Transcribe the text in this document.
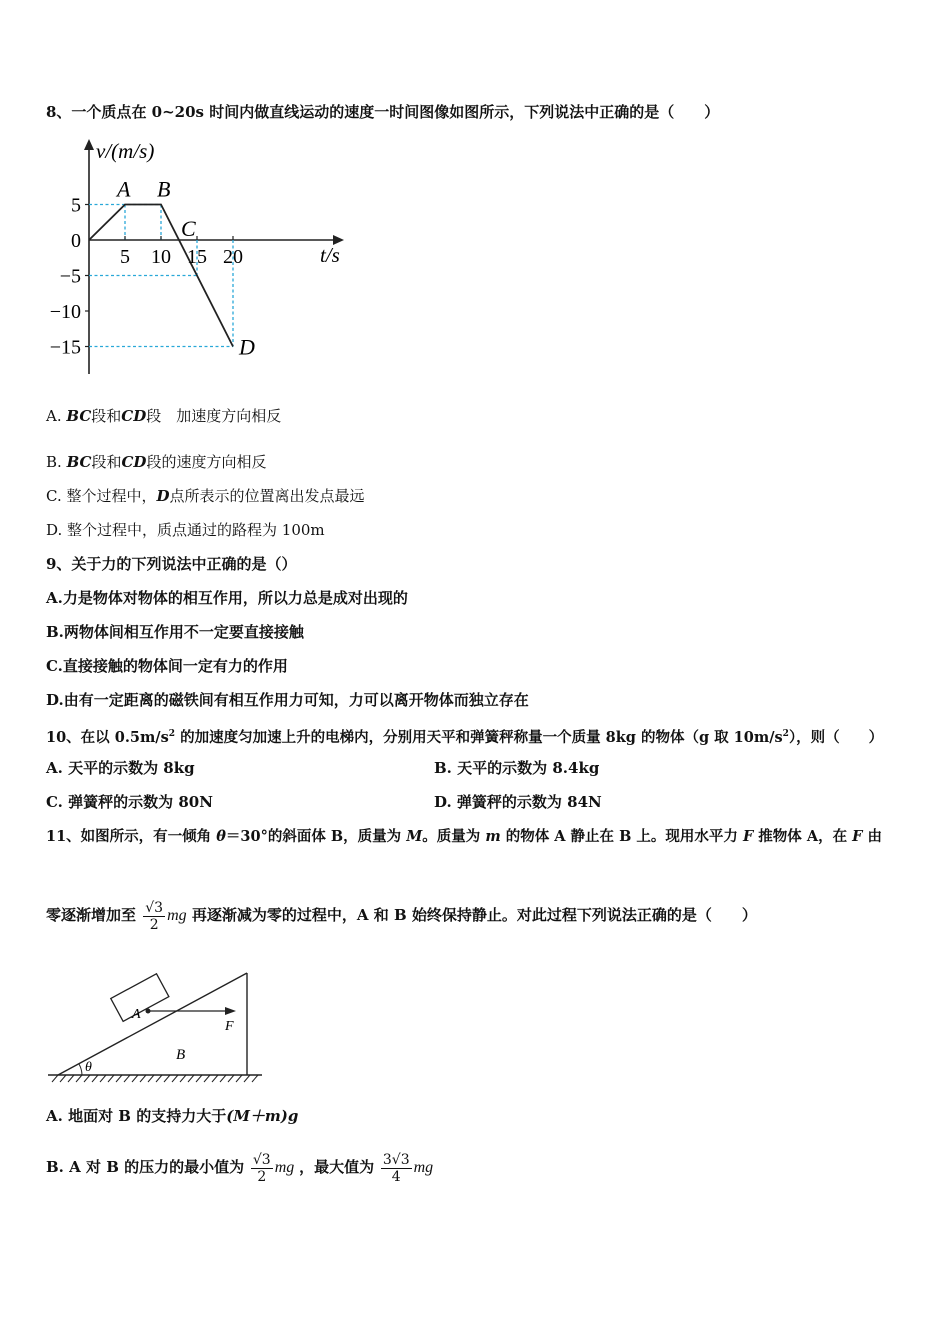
8、一个质点在 0~20s 时间内做直线运动的速度一时间图像如图所示，下列说法中正确的是（　　）
v/(m/s)
t/s
5
0
−5
−10
−15
5 10 15 20
A B
C
D
A. BC段和CD段　加速度方向相反
B. BC段和CD段的速度方向相反
C. 整个过程中，D点所表示的位置离出发点最远
D. 整个过程中，质点通过的路程为 100m
9、关于力的下列说法中正确的是（）
A.力是物体对物体的相互作用，所以力总是成对出现的
B.两物体间相互作用不一定要直接接触
C.直接接触的物体间一定有力的作用
D.由有一定距离的磁铁间有相互作用力可知，力可以离开物体而独立存在
10、在以 $0.5m/s^2$ 的加速度匀加速上升的电梯内，分别用天平和弹簧秤称量一个质量 8kg 的物体（g 取 $10m/s^2$），则（　　）
A. 天平的示数为 8kg	B. 天平的示数为 8.4kg
C. 弹簧秤的示数为 80N	D. 弹簧秤的示数为 84N
11、如图所示，有一倾角 θ＝30°的斜面体 B，质量为 M。质量为 m 的物体 A 静止在 B 上。现用水平力 F 推物体 A，在 F 由
零逐渐增加至 $\frac{√3}{2}$ mg 再逐渐减为零的过程中，A 和 B 始终保持静止。对此过程下列说法正确的是（　　）
θ
A
F
B
A. 地面对 B 的支持力大于(M＋m)g
B. A 对 B 的压力的最小值为 $\frac{√3}{2}$ mg ，最大值为 $\frac{3√3}{4}$ mg
